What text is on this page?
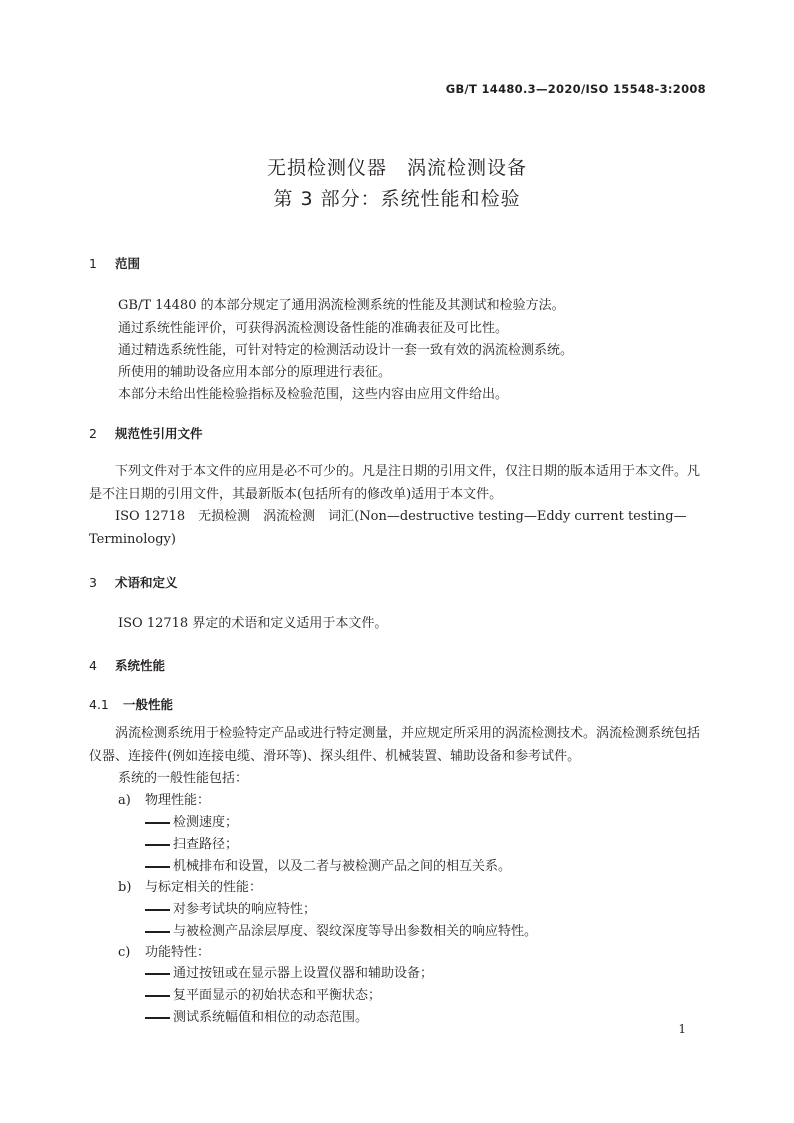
GB/T 14480.3—2020/ISO 15548-3:2008

无损检测仪器　涡流检测设备

第 3 部分：系统性能和检验

1 范围

GB/T 14480 的本部分规定了通用涡流检测系统的性能及其测试和检验方法。

通过系统性能评价，可获得涡流检测设备性能的准确表征及可比性。

通过精选系统性能，可针对特定的检测活动设计一套一致有效的涡流检测系统。

所使用的辅助设备应用本部分的原理进行表征。

本部分未给出性能检验指标及检验范围，这些内容由应用文件给出。

2 规范性引用文件

　　下列文件对于本文件的应用是必不可少的。凡是注日期的引用文件，仅注日期的版本适用于本文件。凡是不注日期的引用文件，其最新版本(包括所有的修改单)适用于本文件。

　　ISO 12718　无损检测　涡流检测　词汇(Non—destructive testing—Eddy current testing—Terminology)

3 术语和定义

ISO 12718 界定的术语和定义适用于本文件。

4 系统性能

4.1 一般性能

　　涡流检测系统用于检验特定产品或进行特定测量，并应规定所采用的涡流检测技术。涡流检测系统包括仪器、连接件(例如连接电缆、滑环等)、探头组件、机械装置、辅助设备和参考试件。

系统的一般性能包括：

a) 物理性能：

检测速度；

扫查路径；

机械排布和设置，以及二者与被检测产品之间的相互关系。

b) 与标定相关的性能：

对参考试块的响应特性；

与被检测产品涂层厚度、裂纹深度等导出参数相关的响应特性。

c) 功能特性：

通过按钮或在显示器上设置仪器和辅助设备；

复平面显示的初始状态和平衡状态；

测试系统幅值和相位的动态范围。

1
